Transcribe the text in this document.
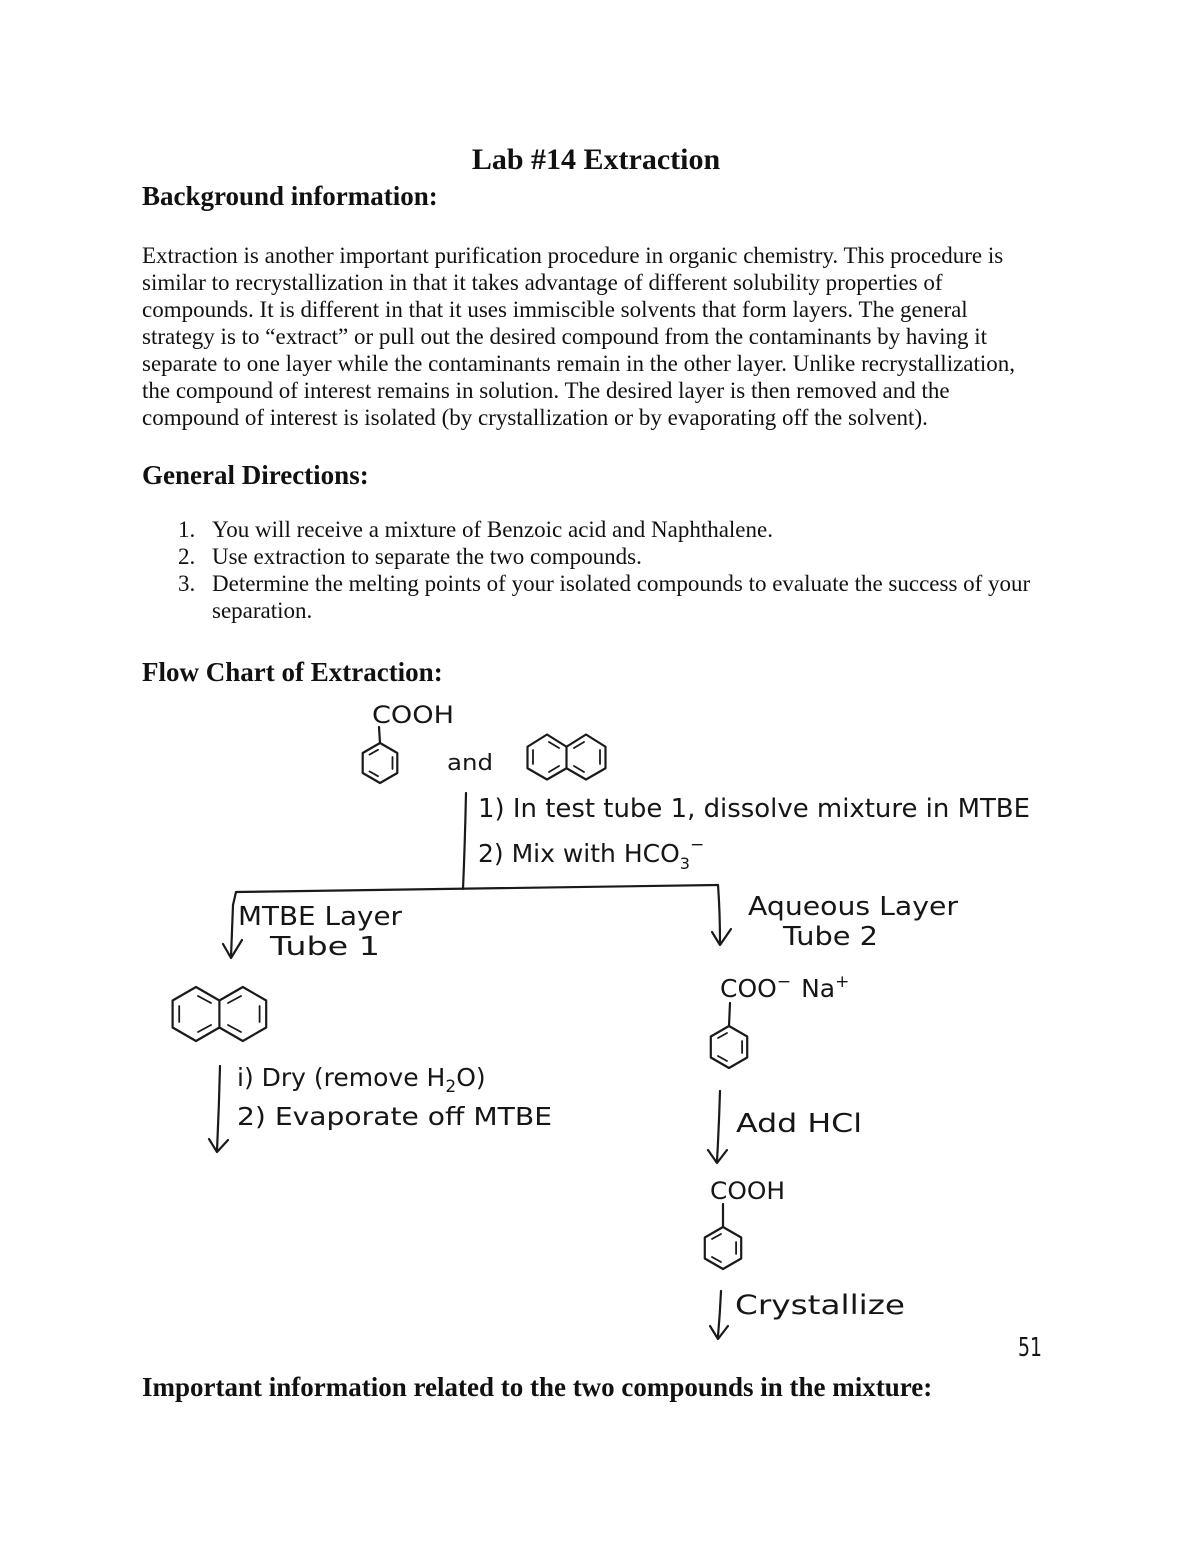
Lab #14 Extraction
Background information:
Extraction is another important purification procedure in organic chemistry. This procedure is
similar to recrystallization in that it takes advantage of different solubility properties of
compounds. It is different in that it uses immiscible solvents that form layers. The general
strategy is to “extract” or pull out the desired compound from the contaminants by having it
separate to one layer while the contaminants remain in the other layer. Unlike recrystallization,
the compound of interest remains in solution. The desired layer is then removed and the
compound of interest is isolated (by crystallization or by evaporating off the solvent).
General Directions:
1. You will receive a mixture of Benzoic acid and Naphthalene.
2. Use extraction to separate the two compounds.
3. Determine the melting points of your isolated compounds to evaluate the success of your separation.
Flow Chart of Extraction:
COOH
and
1) In test tube 1, dissolve mixture in MTBE
2) Mix with $HCO_3^-$
MTBE Layer
Tube 1
i) Dry (remove $H_2O$)
2) Evaporate off MTBE
Aqueous Layer
Tube 2
COO− Na+
Add HCl
COOH
Crystallize
51
Important information related to the two compounds in the mixture:
